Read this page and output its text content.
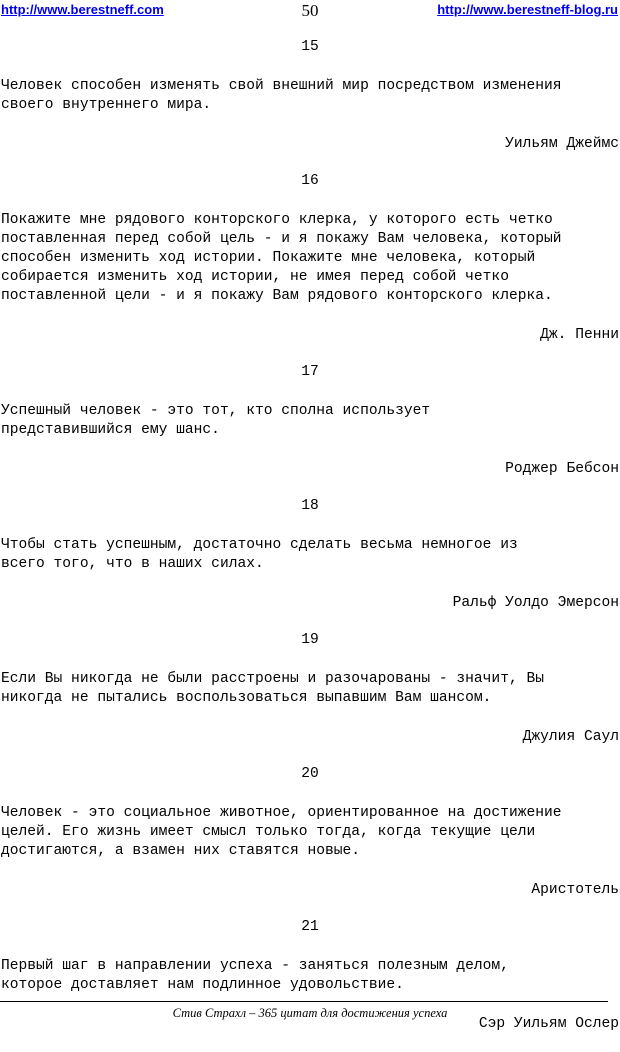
http://www.berestneff.com	50	http://www.berestneff-blog.ru
15
Человек способен изменять свой внешний мир посредством изменения
своего внутреннего мира.
Уильям Джеймс
16
Покажите мне рядового конторского клерка, у которого есть четко
поставленная перед собой цель - и я покажу Вам человека, который
способен изменить ход истории. Покажите мне человека, который
собирается изменить ход истории, не имея перед собой четко
поставленной цели - и я покажу Вам рядового конторского клерка.
Дж. Пенни
17
Успешный человек - это тот, кто сполна использует
представившийся ему шанс.
Роджер Бебсон
18
Чтобы стать успешным, достаточно сделать весьма немногое из
всего того, что в наших силах.
Ральф Уолдо Эмерсон
19
Если Вы никогда не были расстроены и разочарованы - значит, Вы
никогда не пытались воспользоваться выпавшим Вам шансом.
Джулия Саул
20
Человек - это социальное животное, ориентированное на достижение
целей. Его жизнь имеет смысл только тогда, когда текущие цели
достигаются, а взамен них ставятся новые.
Аристотель
21
Первый шаг в направлении успеха - заняться полезным делом,
которое доставляет нам подлинное удовольствие.
Сэр Уильям Ослер
Стив Страхл – 365 цитат для достижения успеха
